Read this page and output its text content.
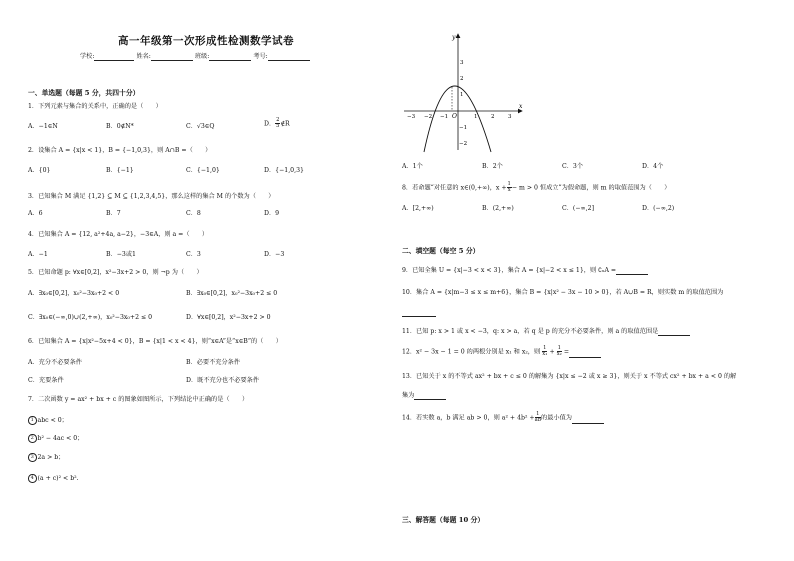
高一年级第一次形成性检测数学试卷
学校:	姓名:	班级:	考号:
一、单选题（每题 5 分，共四十分）
1．下列元素与集合的关系中，正确的是（　　）
A．−1∈N	B．0∉N*	C．√3∈Q	D． $\frac{2}{5}$ ∉R
2．设集合 A = {x|x < 1}，B = {−1,0,3}，则 A∩B =（　　）
A．{0}	B．{−1}	C．{−1,0}	D．{−1,0,3}
3．已知集合 M 满足 {1,2} ⊆ M ⊆ {1,2,3,4,5}，那么这样的集合 M 的个数为（　　）
A．6	B．7	C．8	D．9
4．已知集合 A = {12, a²+4a, a−2}，−3∈A，则 a =（　　）
A．−1	B．−3或1	C．3	D．−3
5．已知命题 p: ∀x∈[0,2]，x²−3x+2 > 0，则 ¬p 为（　　）
A．∃x₀∈[0,2]，x₀²−3x₀+2 < 0	B．∃x₀∈[0,2]，x₀²−3x₀+2 ≤ 0
C．∃x₀∈(−∞,0)∪(2,+∞)，x₀²−3x₀+2 ≤ 0	D．∀x∈[0,2]，x²−3x+2 > 0
6．已知集合 A = {x|x²−5x+4 < 0}，B = {x|1 < x < 4}，则“x∈A”是“x∈B”的（　　）
A．充分不必要条件	B．必要不充分条件
C．充要条件	D．既不充分也不必要条件
7．二次函数 y = ax² + bx + c 的图象如图所示，下列结论中正确的是（　　）
1 abc < 0；
2 b² − 4ac < 0；
3 2a > b；
4 (a + c)² < b².
x
y
O
−3 −2 −1	1 2 3
3
2
1
−1
−2
A．1个	B．2个	C．3个	D．4个
8．若命题“对任意的 x∈(0,+∞)，$x + \frac{1}{x} - m > 0$ 恒成立”为假命题，则 m 的取值范围为（　　）
A．[2,+∞)	B．(2,+∞)	C．(−∞,2]	D．(−∞,2)
二、填空题（每空 5 分）
9．已知全集 U = {x|−3 < x < 3}，集合 A = {x|−2 < x ≤ 1}，则 ∁ᵤA =
10．集合 A = {x|m−3 ≤ x ≤ m+6}，集合 B = {x|x² − 3x − 10 > 0}，若 A∪B = R，则实数 m 的取值范围为
11．已知 p: x > 1 或 x < −3，q: x > a，若 q 是 p 的充分不必要条件，则 a 的取值范围是
12．x² − 3x − 1 = 0 的两根分别是 x₁ 和 x₂，则 $\frac{1}{\text{x₁}} + \frac{1}{\text{x₂}}$ =
13．已知关于 x 的不等式 ax² + bx + c ≤ 0 的解集为 {x|x ≤ −2 或 x ≥ 3}，则关于 x 不等式 cx² + bx + a < 0 的解
集为
14．若实数 a，b 满足 ab > 0，则 $a^2 + 4b^2 + \frac{1}{ab}$ 的最小值为
三、解答题（每题 10 分）
